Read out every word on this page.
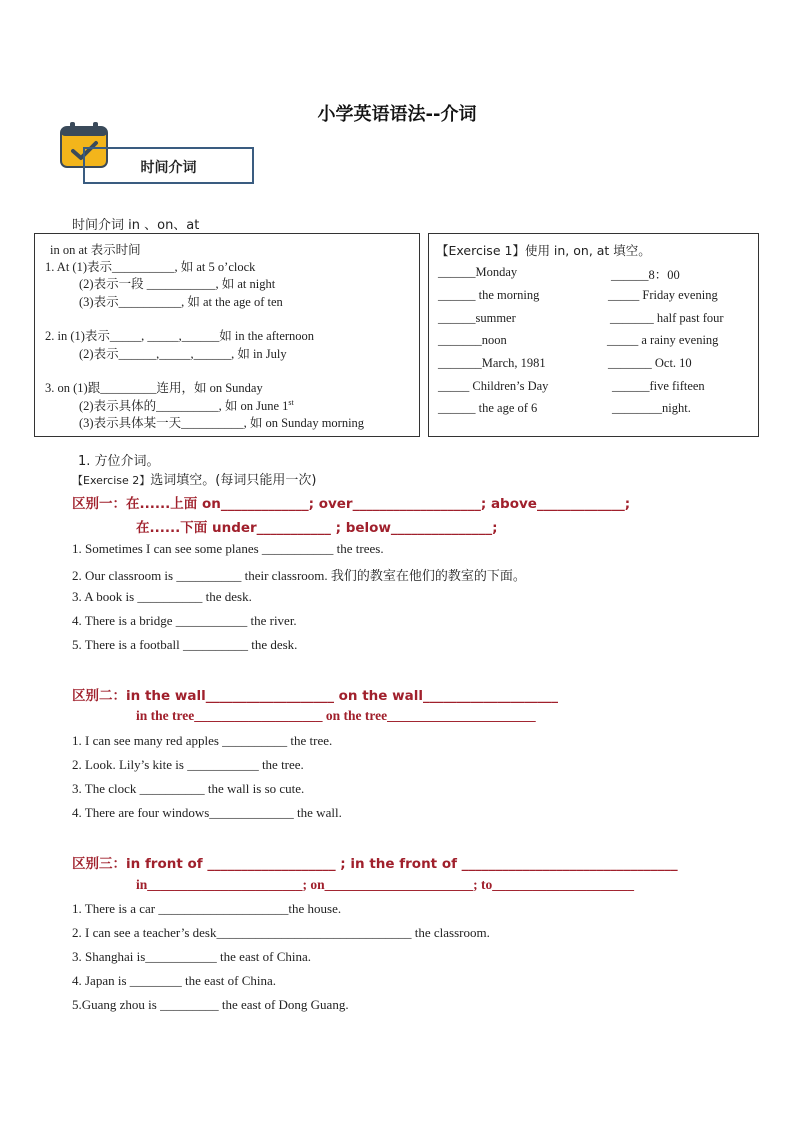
小学英语语法--介词
时间介词
时间介词 in 、on、at
in on at 表示时间
1. At (1)表示__________, 如 at 5 o’clock
(2)表示一段 ___________, 如 at night
(3)表示__________, 如 at the age of ten
2. in (1)表示_____, _____,______如 in the afternoon
(2)表示______,_____,______, 如 in July
3. on (1)跟_________连用，如 on Sunday
(2)表示具体的__________, 如 on June 1st
(3)表示具体某一天__________, 如 on Sunday morning
【Exercise 1】使用 in, on, at 填空。
______Monday
______ the morning
______summer
_______noon
_______March, 1981
_____ Children’s Day
______ the age of 6
______8：00
_____ Friday evening
_______ half past four
_____ a rainy evening
_______ Oct. 10
______five fifteen
________night.
1. 方位介词。
【Exercise 2】选词填空。(每词只能用一次)
区别一：在......上面 on_____________; over___________________; above_____________;
在......下面 under___________ ; below_______________;
1. Sometimes I can see some planes ___________ the trees.
2. Our classroom is __________ their classroom. 我们的教室在他们的教室的下面。
3. A book is __________ the desk.
4. There is a bridge ___________ the river.
5. There is a football __________ the desk.
区别二：in the wall___________________ on the wall____________________
in the tree___________________ on the tree______________________
1. I can see many red apples __________ the tree.
2. Look. Lily’s kite is ___________ the tree.
3. The clock __________ the wall is so cute.
4. There are four windows_____________ the wall.
区别三：in front of ___________________ ; in the front of ________________________________
in_______________________; on______________________; to_____________________
1. There is a car ____________________the house.
2. I can see a teacher’s desk______________________________ the classroom.
3. Shanghai is___________ the east of China.
4. Japan is ________ the east of China.
5.Guang zhou is _________ the east of Dong Guang.
